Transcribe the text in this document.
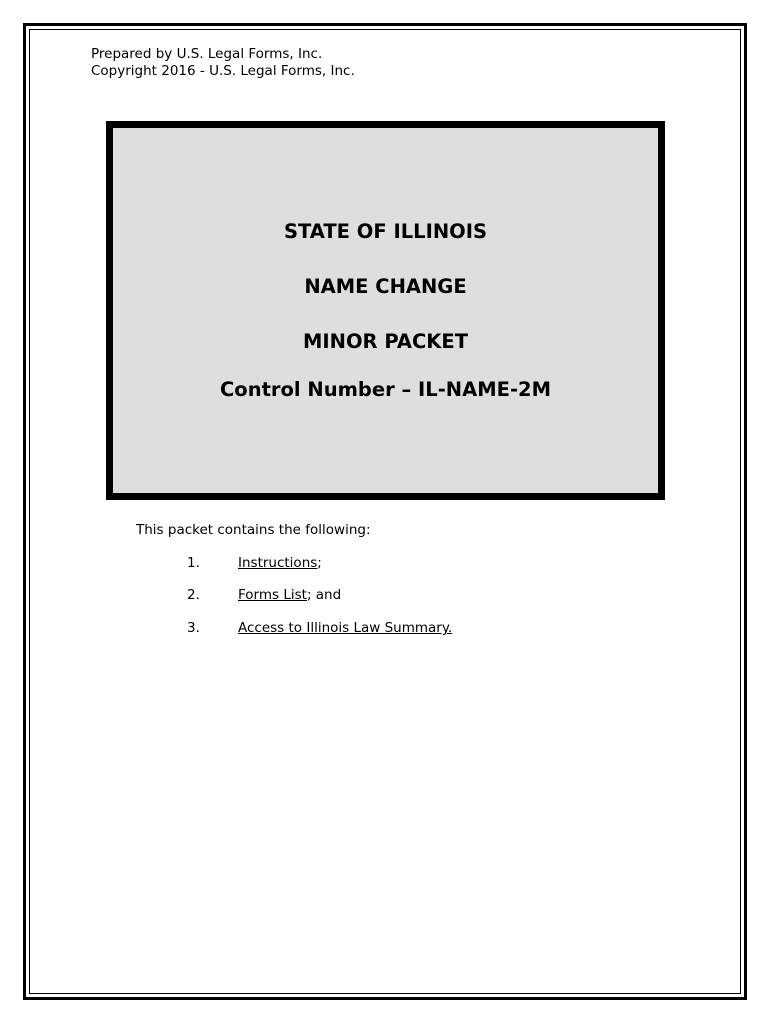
Prepared by U.S. Legal Forms, Inc.
Copyright 2016 - U.S. Legal Forms, Inc.
STATE OF ILLINOIS
NAME CHANGE
MINOR PACKET
Control Number – IL-NAME-2M
This packet contains the following:
1.	Instructions;
2.	Forms List; and
3.	Access to Illinois Law Summary.
